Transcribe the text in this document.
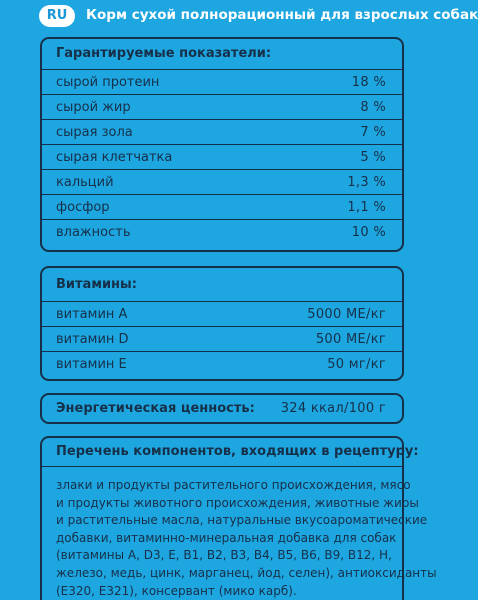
RU	Корм сухой полнорационный для взрослых собак
Гарантируемые показатели:
сырой протеин	18 %
сырой жир	8 %
сырая зола	7 %
сырая клетчатка	5 %
кальций	1,3 %
фосфор	1,1 %
влажность	10 %
Витамины:
витамин А	5000 МЕ/кг
витамин D	500 МЕ/кг
витамин Е	50 мг/кг
Энергетическая ценность: 324 ккал/100 г
Перечень компонентов, входящих в рецептуру:
злаки и продукты растительного происхождения, мясо
и продукты животного происхождения, животные жиры
и растительные масла, натуральные вкусоароматические
добавки, витаминно-минеральная добавка для собак
(витамины A, D3, E, B1, B2, B3, B4, B5, B6, B9, B12, H,
железо, медь, цинк, марганец, йод, селен), антиоксиданты
(Е320, Е321), консервант (мико карб).
